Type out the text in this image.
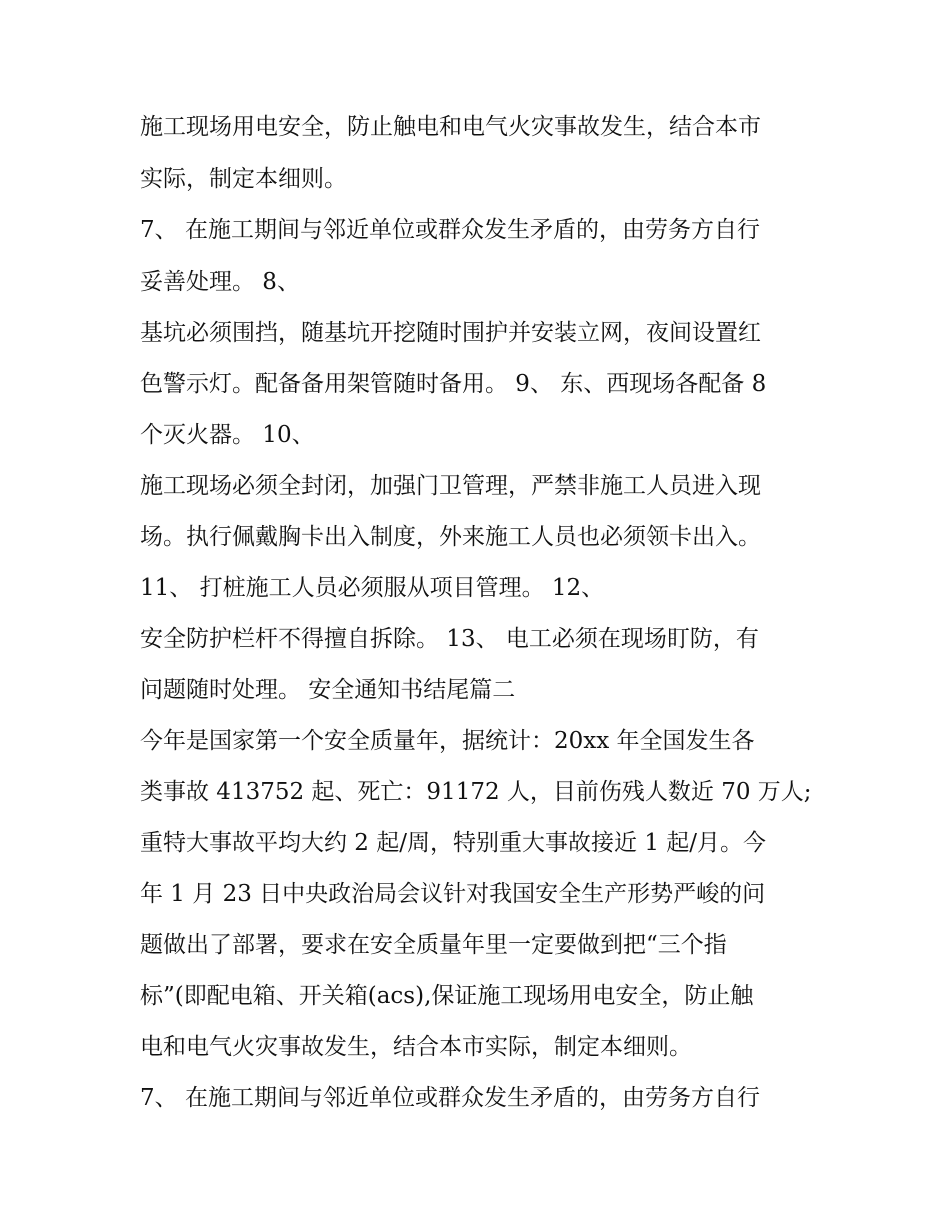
施工现场用电安全，防止触电和电气火灾事故发生，结合本市
实际，制定本细则。
7、 在施工期间与邻近单位或群众发生矛盾的，由劳务方自行
妥善处理。 8、
基坑必须围挡，随基坑开挖随时围护并安装立网，夜间设置红
色警示灯。配备备用架管随时备用。 9、 东、西现场各配备 8
个灭火器。 10、
施工现场必须全封闭，加强门卫管理，严禁非施工人员进入现
场。执行佩戴胸卡出入制度，外来施工人员也必须领卡出入。
11、 打桩施工人员必须服从项目管理。 12、
安全防护栏杆不得擅自拆除。 13、 电工必须在现场盯防，有
问题随时处理。 安全通知书结尾篇二
今年是国家第一个安全质量年，据统计：20xx 年全国发生各
类事故 413752 起、死亡：91172 人，目前伤残人数近 70 万人;
重特大事故平均大约 2 起/周，特别重大事故接近 1 起/月。今
年 1 月 23 日中央政治局会议针对我国安全生产形势严峻的问
题做出了部署，要求在安全质量年里一定要做到把“三个指
标”(即配电箱、开关箱(acs),保证施工现场用电安全，防止触
电和电气火灾事故发生，结合本市实际，制定本细则。
7、 在施工期间与邻近单位或群众发生矛盾的，由劳务方自行
